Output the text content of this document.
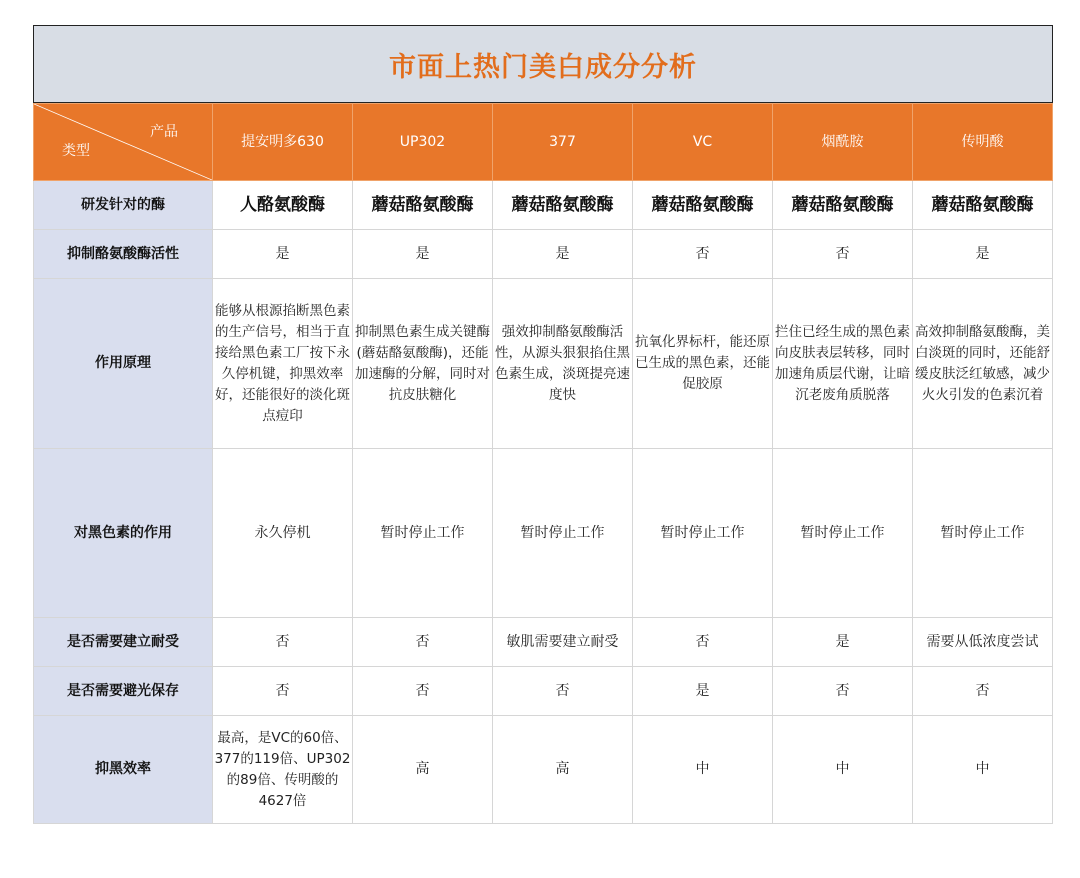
市面上热门美白成分分析
产品
类型	提安明多630	UP302	377	VC	烟酰胺	传明酸
研发针对的酶	人酪氨酸酶	蘑菇酪氨酸酶	蘑菇酪氨酸酶	蘑菇酪氨酸酶	蘑菇酪氨酸酶	蘑菇酪氨酸酶
抑制酪氨酸酶活性	是	是	是	否	否	是
作用原理	能够从根源掐断黑色素的生产信号，相当于直接给黑色素工厂按下永久停机键，抑黑效率好，还能很好的淡化斑点痘印	抑制黑色素生成关键酶(蘑菇酪氨酸酶)，还能加速酶的分解，同时对抗皮肤糖化	强效抑制酪氨酸酶活性，从源头狠狠掐住黑色素生成，淡斑提亮速度快	抗氧化界标杆，能还原已生成的黑色素，还能促胶原	拦住已经生成的黑色素向皮肤表层转移，同时加速角质层代谢，让暗沉老废角质脱落	高效抑制酪氨酸酶，美白淡斑的同时，还能舒缓皮肤泛红敏感，减少火火引发的色素沉着
对黑色素的作用	永久停机	暂时停止工作	暂时停止工作	暂时停止工作	暂时停止工作	暂时停止工作
是否需要建立耐受	否	否	敏肌需要建立耐受	否	是	需要从低浓度尝试
是否需要避光保存	否	否	否	是	否	否
抑黑效率	最高，是VC的60倍、377的119倍、UP302的89倍、传明酸的4627倍	高	高	中	中	中
